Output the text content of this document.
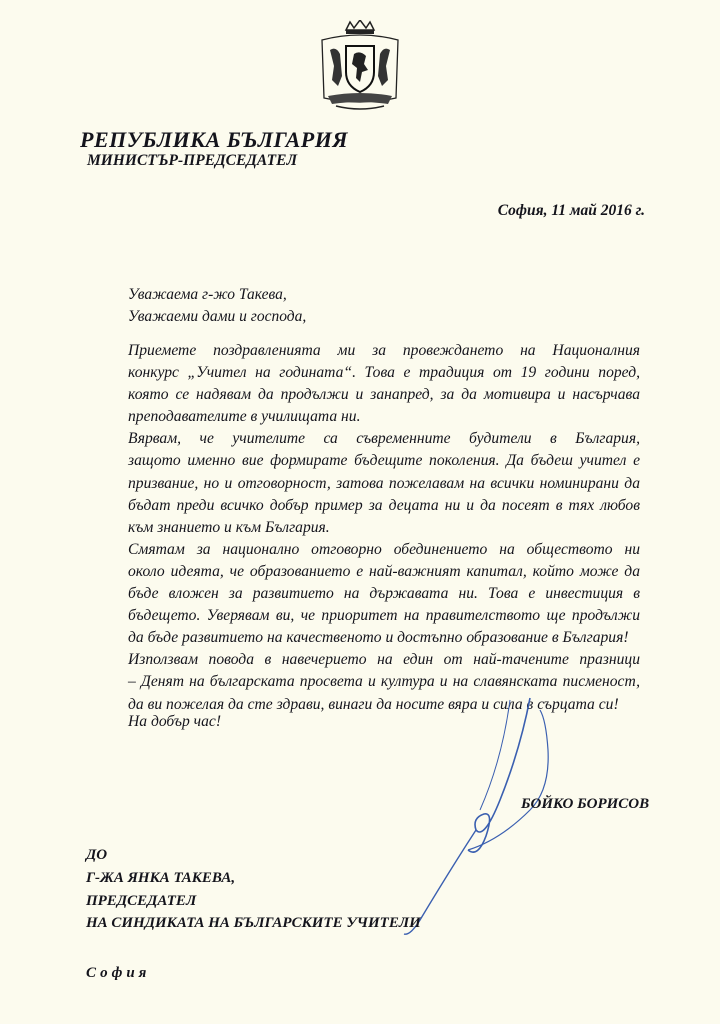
РЕПУБЛИКА БЪЛГАРИЯ
МИНИСТЪР-ПРЕДСЕДАТЕЛ
София, 11 май 2016 г.
Уважаема г-жо Такева,
Уважаеми дами и господа,
Приемете поздравленията ми за провеждането на Националния
конкурс „Учител на годината“. Това е традиция от 19 години поред,
която се надявам да продължи и занапред, за да мотивира и насърчава
преподавателите в училищата ни.
Вярвам, че учителите са съвременните будители в България,
защото именно вие формирате бъдещите поколения. Да бъдеш учител е
призвание, но и отговорност, затова пожелавам на всички номинирани да
бъдат преди всичко добър пример за децата ни и да посеят в тях любов
към знанието и към България.
Смятам за национално отговорно обединението на обществото ни
около идеята, че образованието е най-важният капитал, който може да
бъде вложен за развитието на държавата ни. Това е инвестиция в
бъдещето. Уверявам ви, че приоритет на правителството ще продължи
да бъде развитието на качественото и достъпно образование в България!
Използвам повода в навечерието на един от най-тачените празници
– Денят на българската просвета и култура и на славянската писменост,
да ви пожелая да сте здрави, винаги да носите вяра и сила в сърцата си!
На добър час!
БОЙКО БОРИСОВ
ДО
Г-ЖА ЯНКА ТАКЕВА,
ПРЕДСЕДАТЕЛ
НА СИНДИКАТА НА БЪЛГАРСКИТЕ УЧИТЕЛИ
София
